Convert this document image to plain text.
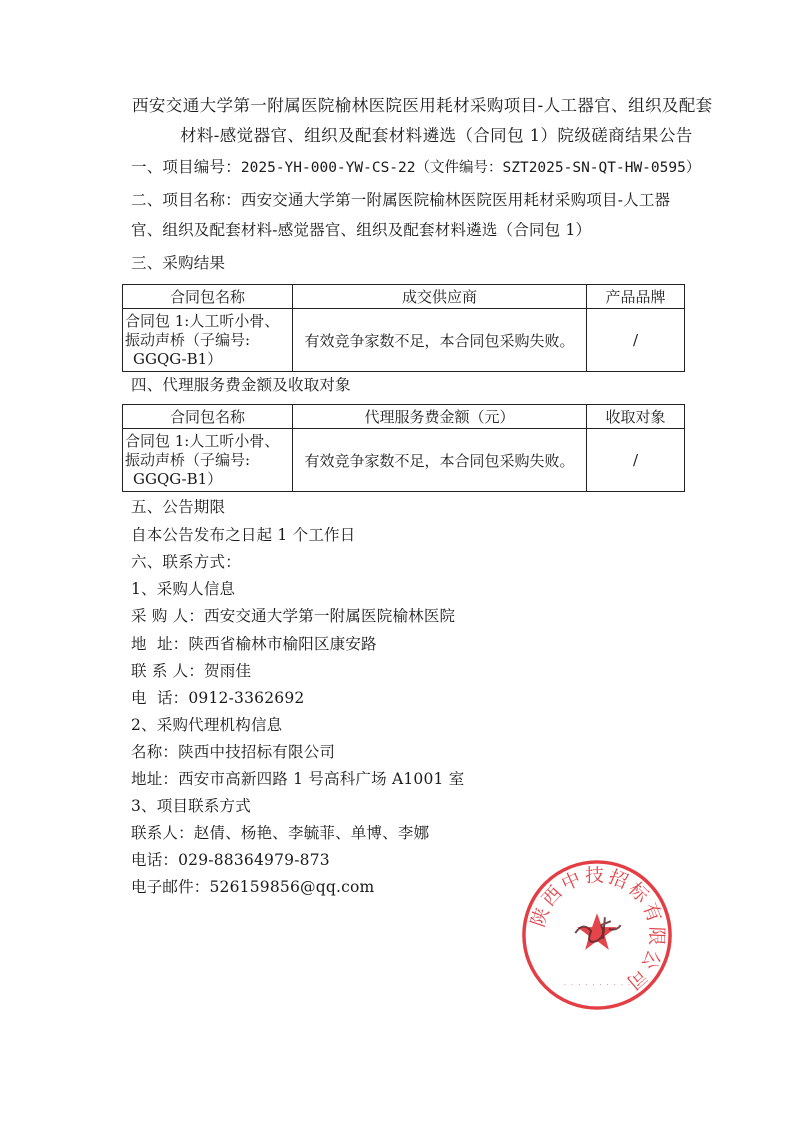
西安交通大学第一附属医院榆林医院医用耗材采购项目-人工器官、组织及配套
材料-感觉器官、组织及配套材料遴选（合同包 1）院级磋商结果公告
一、项目编号：2025-YH-000-YW-CS-22（文件编号：SZT2025-SN-QT-HW-0595）
二、项目名称：西安交通大学第一附属医院榆林医院医用耗材采购项目-人工器
官、组织及配套材料-感觉器官、组织及配套材料遴选（合同包 1）
三、采购结果
合同包名称	成交供应商	产品品牌

合同包 1:人工听小骨、
振动声桥（子编号:
GGQG-B1）	有效竞争家数不足，本合同包采购失败。	/
四、代理服务费金额及收取对象
合同包名称	代理服务费金额（元）	收取对象

合同包 1:人工听小骨、
振动声桥（子编号:
GGQG-B1）	有效竞争家数不足，本合同包采购失败。	/
五、公告期限
自本公告发布之日起 1 个工作日
六、联系方式：
1、采购人信息
采 购 人：西安交通大学第一附属医院榆林医院
地  址：陕西省榆林市榆阳区康安路
联 系 人：贺雨佳
电  话：0912-3362692
2、采购代理机构信息
名称：陕西中技招标有限公司
地址：西安市高新四路 1 号高科广场 A1001 室
3、项目联系方式
联系人：赵倩、杨艳、李毓菲、单博、李娜
电话：029-88364979-873
电子邮件：526159856@qq.com
陕西中技招标有限公司
· · · · · · · · · ·
